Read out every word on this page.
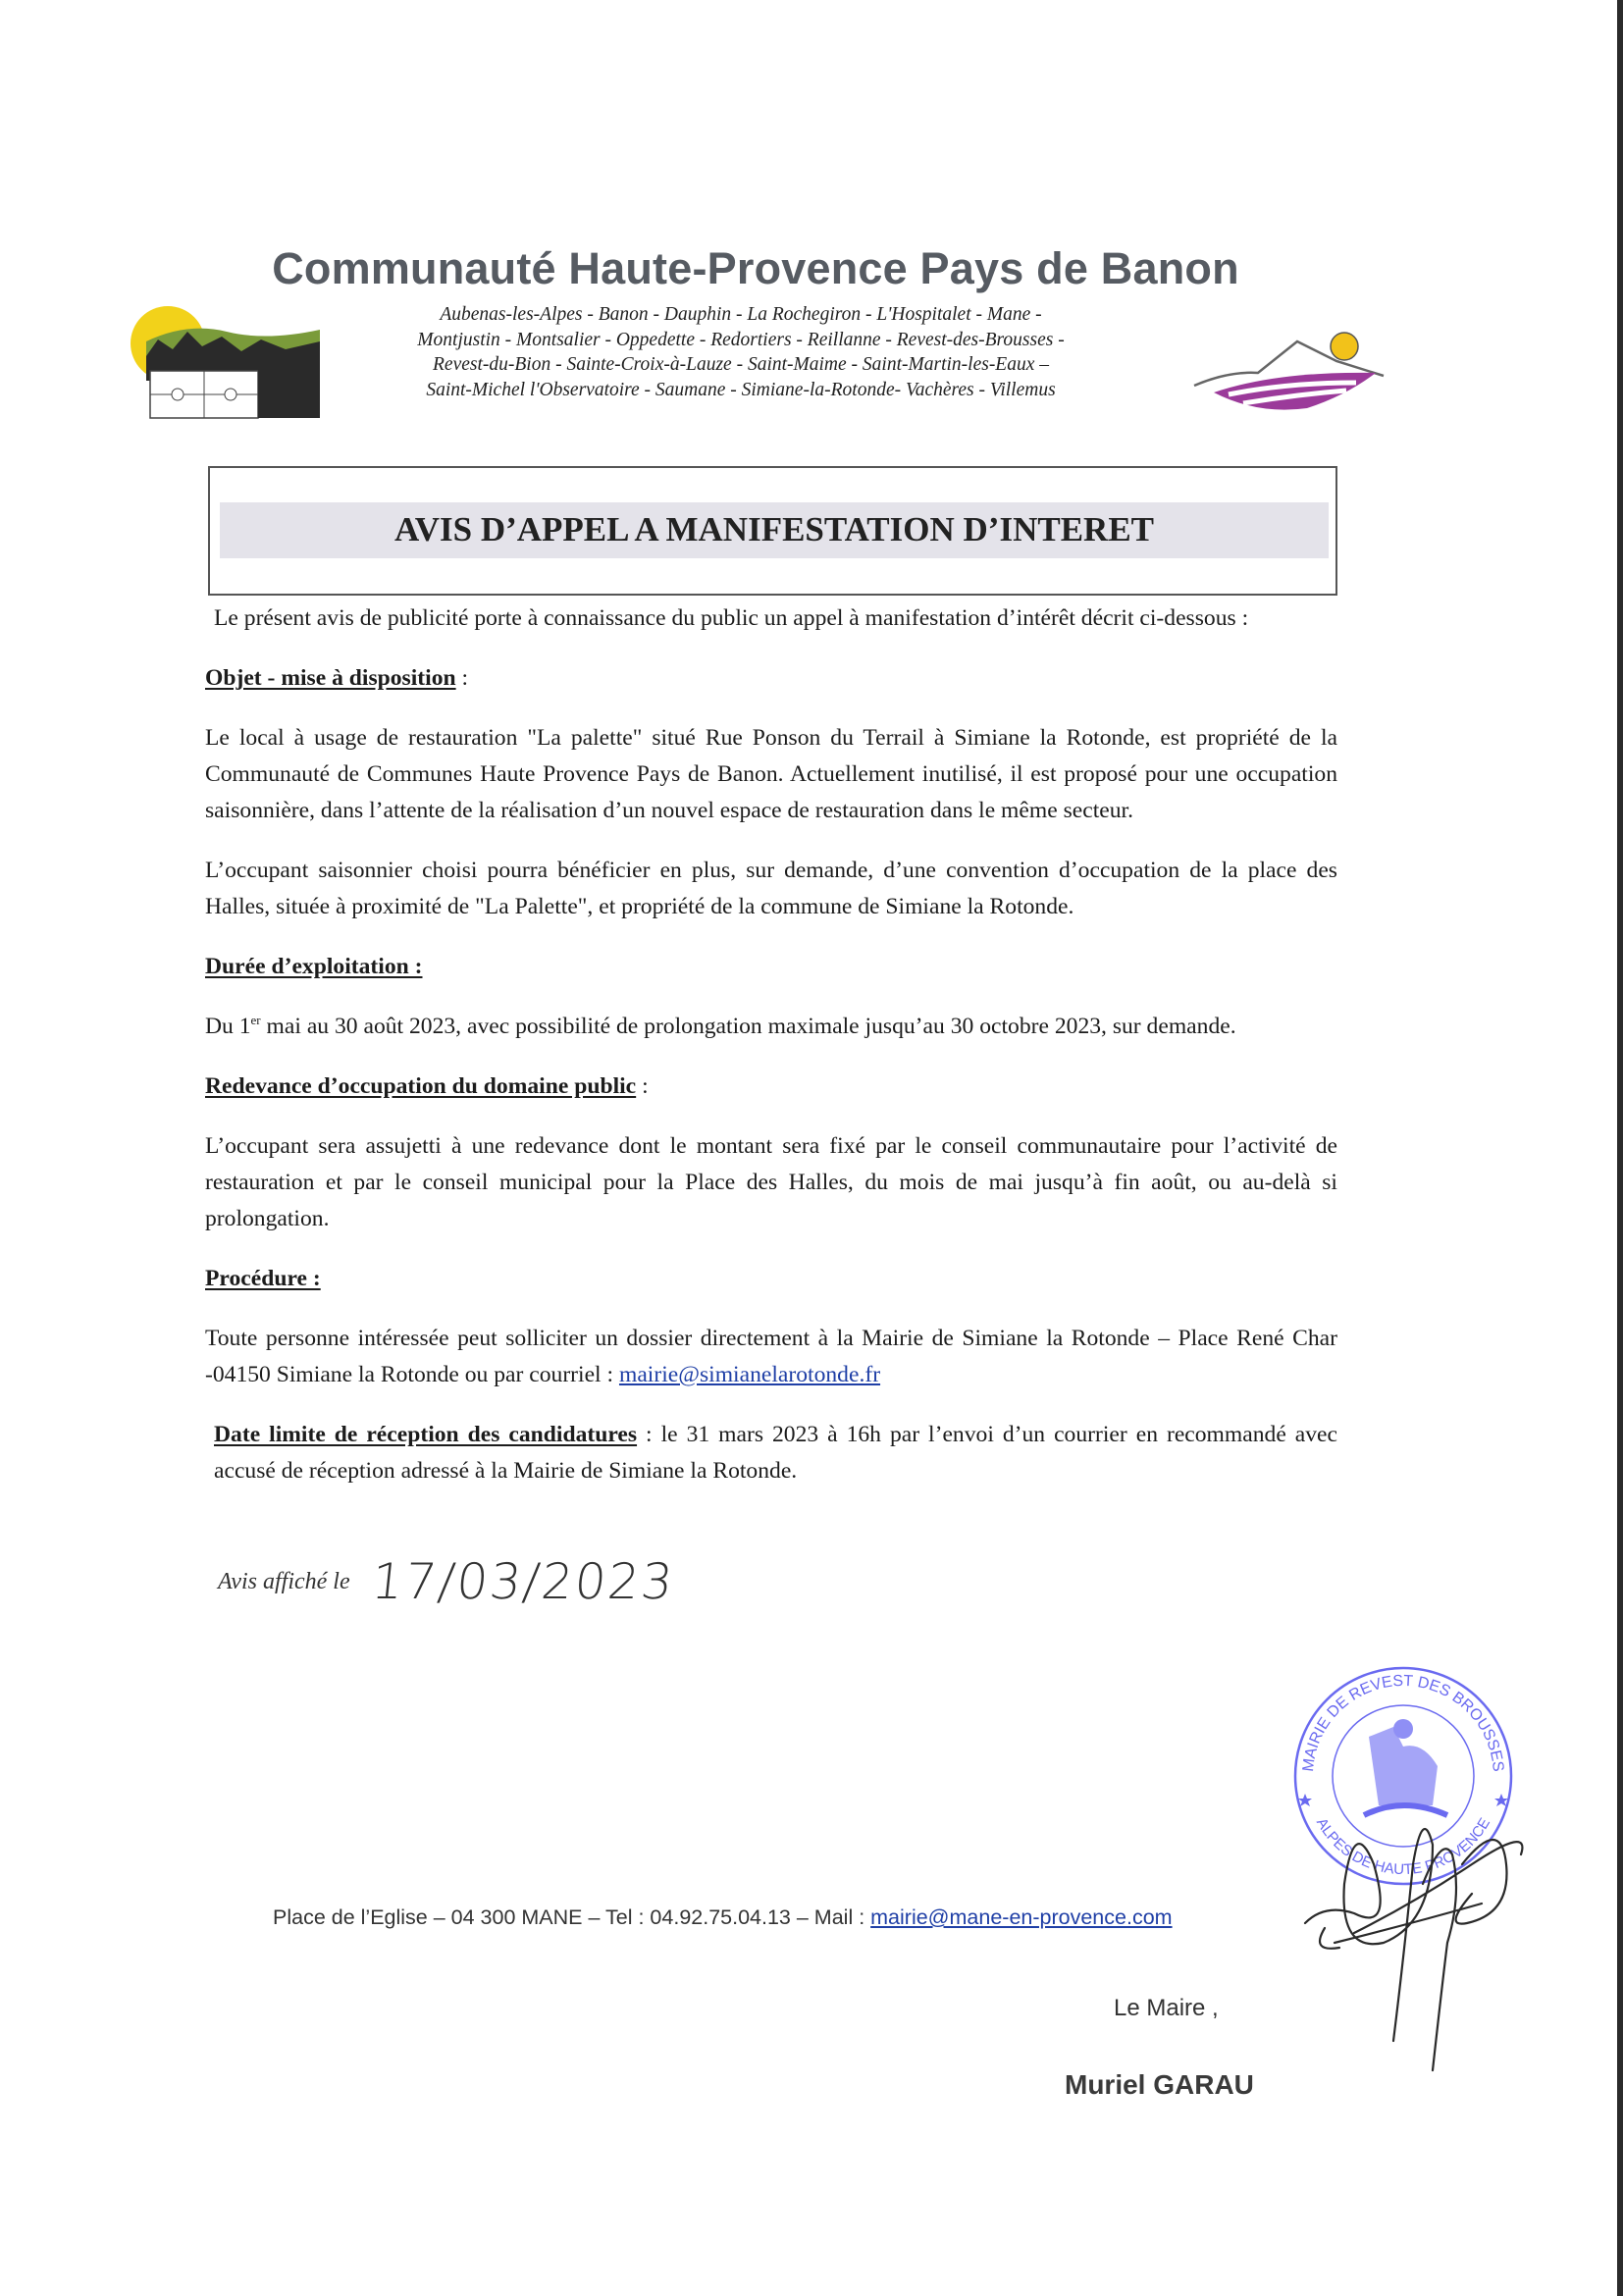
Communauté Haute-Provence Pays de Banon
Aubenas-les-Alpes - Banon - Dauphin - La Rochegiron - L'Hospitalet - Mane -
Montjustin - Montsalier - Oppedette - Redortiers - Reillanne - Revest-des-Brousses -
Revest-du-Bion - Sainte-Croix-à-Lauze - Saint-Maime - Saint-Martin-les-Eaux –
Saint-Michel l'Observatoire - Saumane - Simiane-la-Rotonde- Vachères - Villemus
AVIS D’APPEL A MANIFESTATION D’INTERET
Le présent avis de publicité porte à connaissance du public un appel à manifestation d’intérêt décrit ci-dessous :
Objet - mise à disposition :
Le local à usage de restauration "La palette" situé Rue Ponson du Terrail à Simiane la Rotonde, est propriété de la Communauté de Communes Haute Provence Pays de Banon. Actuellement inutilisé, il est proposé pour une occupation saisonnière, dans l’attente de la réalisation d’un nouvel espace de restauration dans le même secteur.
L’occupant saisonnier choisi pourra bénéficier en plus, sur demande, d’une convention d’occupation de la place des Halles, située à proximité de "La Palette", et propriété de la commune de Simiane la Rotonde.
Durée d’exploitation :
Du 1er mai au 30 août 2023, avec possibilité de prolongation maximale jusqu’au 30 octobre 2023, sur demande.
Redevance d’occupation du domaine public :
L’occupant sera assujetti à une redevance dont le montant sera fixé par le conseil communautaire pour l’activité de restauration et par le conseil municipal pour la Place des Halles, du mois de mai jusqu’à fin août, ou au-delà si prolongation.
Procédure :
Toute personne intéressée peut solliciter un dossier directement à la Mairie de Simiane la Rotonde – Place René Char -04150 Simiane la Rotonde ou par courriel : mairie@simianelarotonde.fr
Date limite de réception des candidatures : le 31 mars 2023 à 16h par l’envoi d’un courrier en recommandé avec accusé de réception adressé à la Mairie de Simiane la Rotonde.
Avis affiché le 17/03/2023
Place de l’Eglise – 04 300 MANE – Tel : 04.92.75.04.13 – Mail : mairie@mane-en-provence.com
MAIRIE DE REVEST DES BROUSSES
ALPES DE HAUTE PROVENCE
Le Maire ,
Muriel GARAU
